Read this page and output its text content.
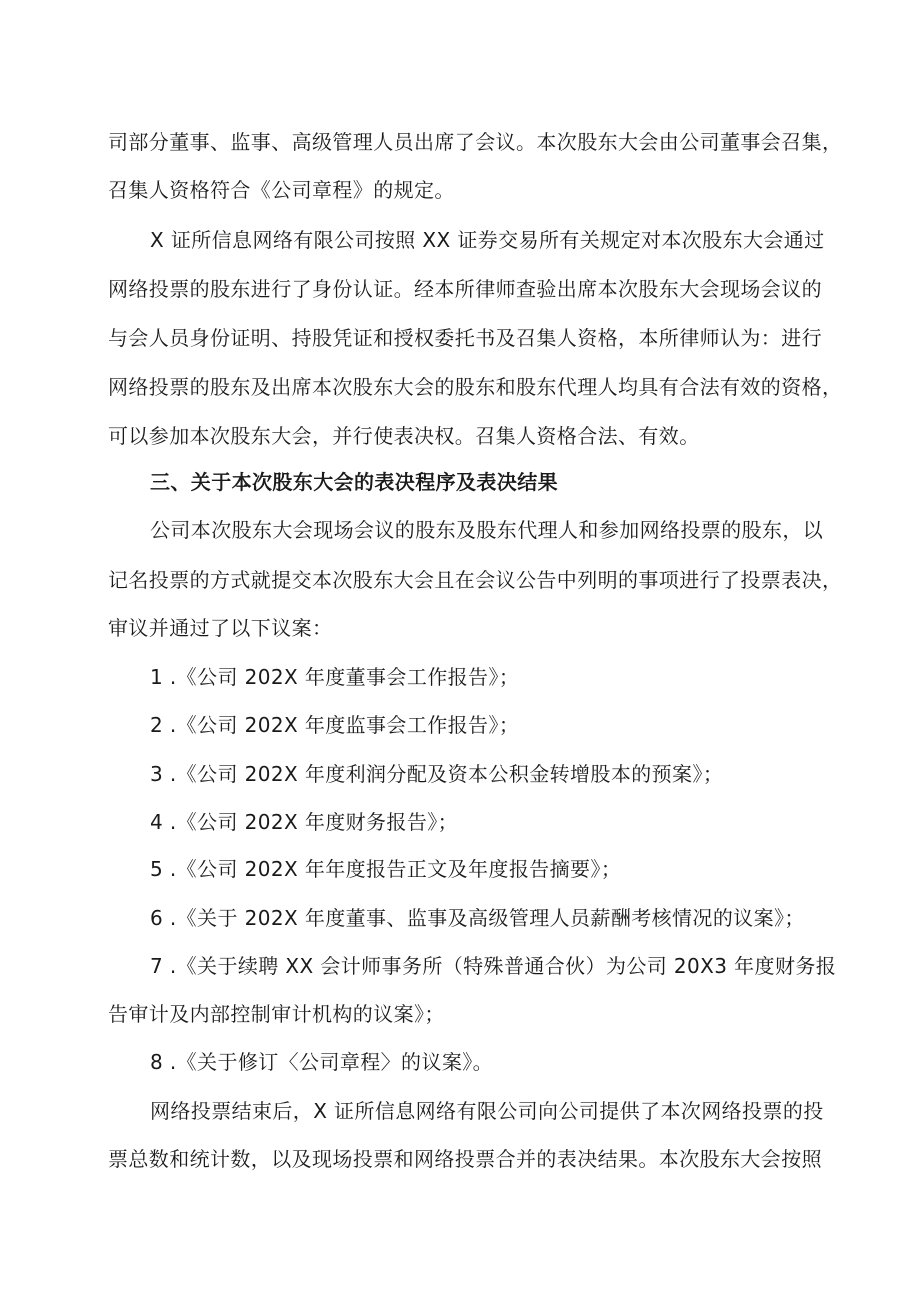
司部分董事、监事、高级管理人员出席了会议。本次股东大会由公司董事会召集，
召集人资格符合《公司章程》的规定。
X 证所信息网络有限公司按照 XX 证券交易所有关规定对本次股东大会通过
网络投票的股东进行了身份认证。经本所律师查验出席本次股东大会现场会议的
与会人员身份证明、持股凭证和授权委托书及召集人资格，本所律师认为：进行
网络投票的股东及出席本次股东大会的股东和股东代理人均具有合法有效的资格，
可以参加本次股东大会，并行使表决权。召集人资格合法、有效。
三、关于本次股东大会的表决程序及表决结果
公司本次股东大会现场会议的股东及股东代理人和参加网络投票的股东，以
记名投票的方式就提交本次股东大会且在会议公告中列明的事项进行了投票表决，
审议并通过了以下议案：
1 .《公司 202X 年度董事会工作报告》；
2 .《公司 202X 年度监事会工作报告》；
3 .《公司 202X 年度利润分配及资本公积金转增股本的预案》；
4 .《公司 202X 年度财务报告》；
5 .《公司 202X 年年度报告正文及年度报告摘要》；
6 .《关于 202X 年度董事、监事及高级管理人员薪酬考核情况的议案》；
7 .《关于续聘 XX 会计师事务所（特殊普通合伙）为公司 20X3 年度财务报
告审计及内部控制审计机构的议案》；
8 .《关于修订〈公司章程〉的议案》。
网络投票结束后，X 证所信息网络有限公司向公司提供了本次网络投票的投
票总数和统计数，以及现场投票和网络投票合并的表决结果。本次股东大会按照
